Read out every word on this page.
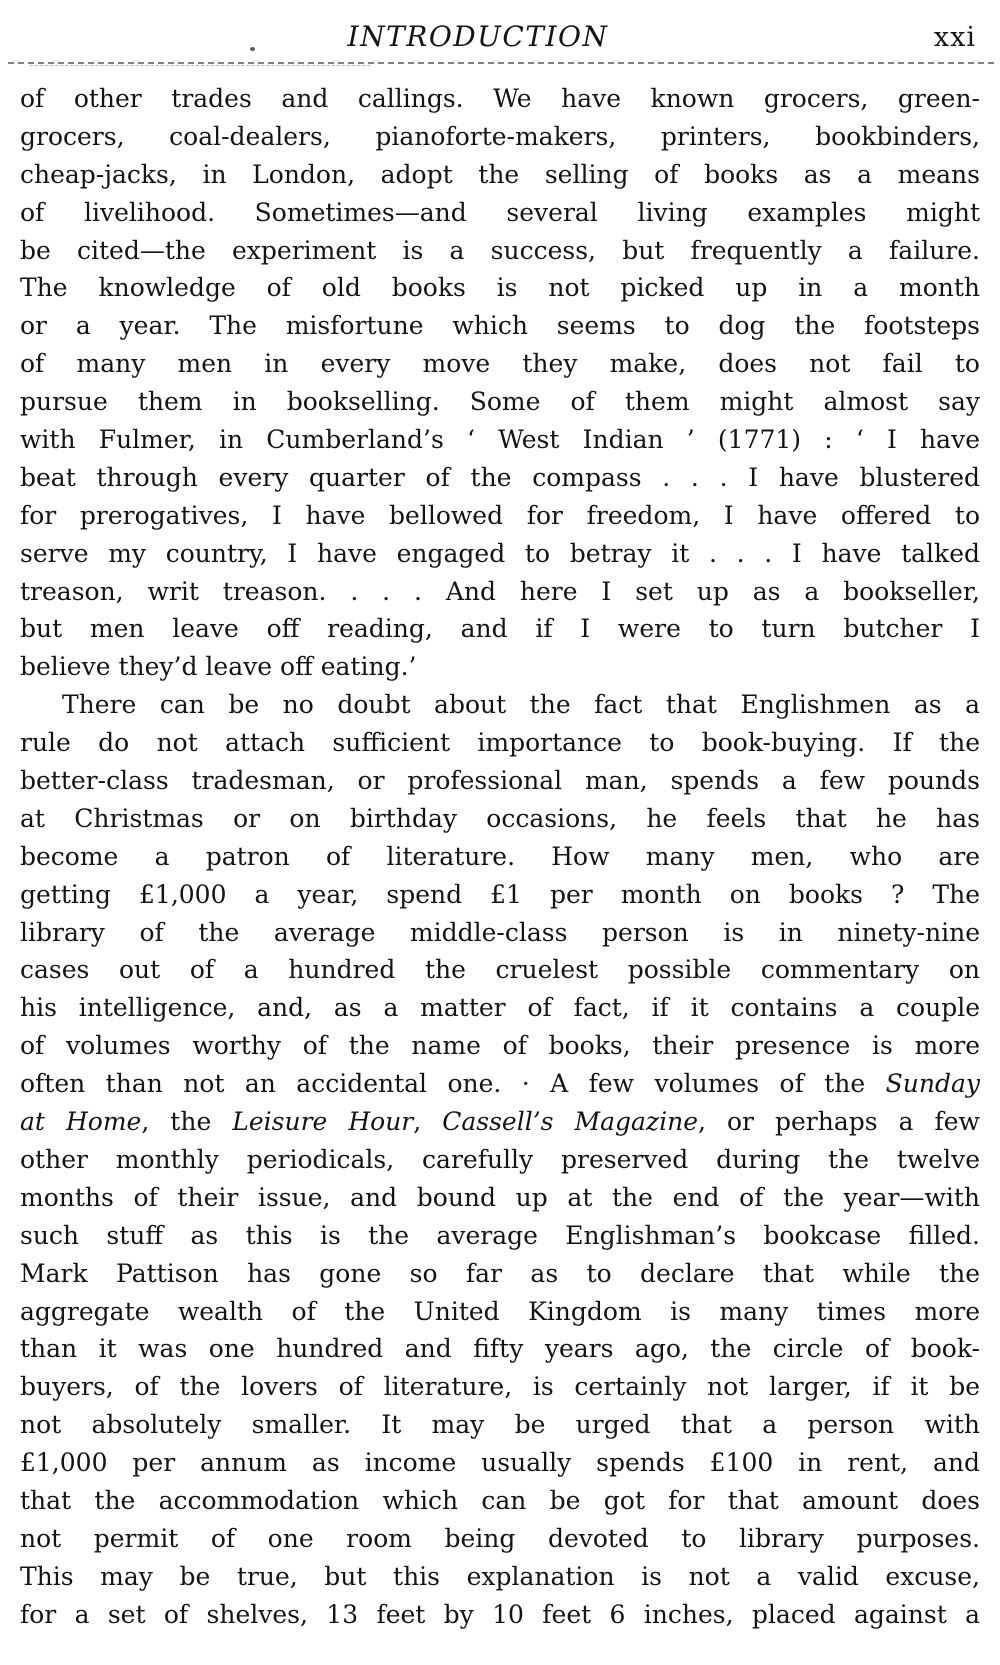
INTRODUCTION	xxi
of other trades and callings. We have known grocers, green-
grocers, coal-dealers, pianoforte-makers, printers, bookbinders,
cheap-jacks, in London, adopt the selling of books as a means
of livelihood. Sometimes—and several living examples might
be cited—the experiment is a success, but frequently a failure.
The knowledge of old books is not picked up in a month
or a year. The misfortune which seems to dog the footsteps
of many men in every move they make, does not fail to
pursue them in bookselling. Some of them might almost say
with Fulmer, in Cumberland’s ‘ West Indian ’ (1771) : ‘ I have
beat through every quarter of the compass . . . I have blustered
for prerogatives, I have bellowed for freedom, I have offered to
serve my country, I have engaged to betray it . . . I have talked
treason, writ treason. . . . And here I set up as a bookseller,
but men leave off reading, and if I were to turn butcher I
believe they’d leave off eating.’
There can be no doubt about the fact that Englishmen as a
rule do not attach sufficient importance to book-buying. If the
better-class tradesman, or professional man, spends a few pounds
at Christmas or on birthday occasions, he feels that he has
become a patron of literature. How many men, who are
getting £1,000 a year, spend £1 per month on books ? The
library of the average middle-class person is in ninety-nine
cases out of a hundred the cruelest possible commentary on
his intelligence, and, as a matter of fact, if it contains a couple
of volumes worthy of the name of books, their presence is more
often than not an accidental one. · A few volumes of the Sunday
at Home, the Leisure Hour, Cassell’s Magazine, or perhaps a few
other monthly periodicals, carefully preserved during the twelve
months of their issue, and bound up at the end of the year—with
such stuff as this is the average Englishman’s bookcase filled.
Mark Pattison has gone so far as to declare that while the
aggregate wealth of the United Kingdom is many times more
than it was one hundred and fifty years ago, the circle of book-
buyers, of the lovers of literature, is certainly not larger, if it be
not absolutely smaller. It may be urged that a person with
£1,000 per annum as income usually spends £100 in rent, and
that the accommodation which can be got for that amount does
not permit of one room being devoted to library purposes.
This may be true, but this explanation is not a valid excuse,
for a set of shelves, 13 feet by 10 feet 6 inches, placed against a
